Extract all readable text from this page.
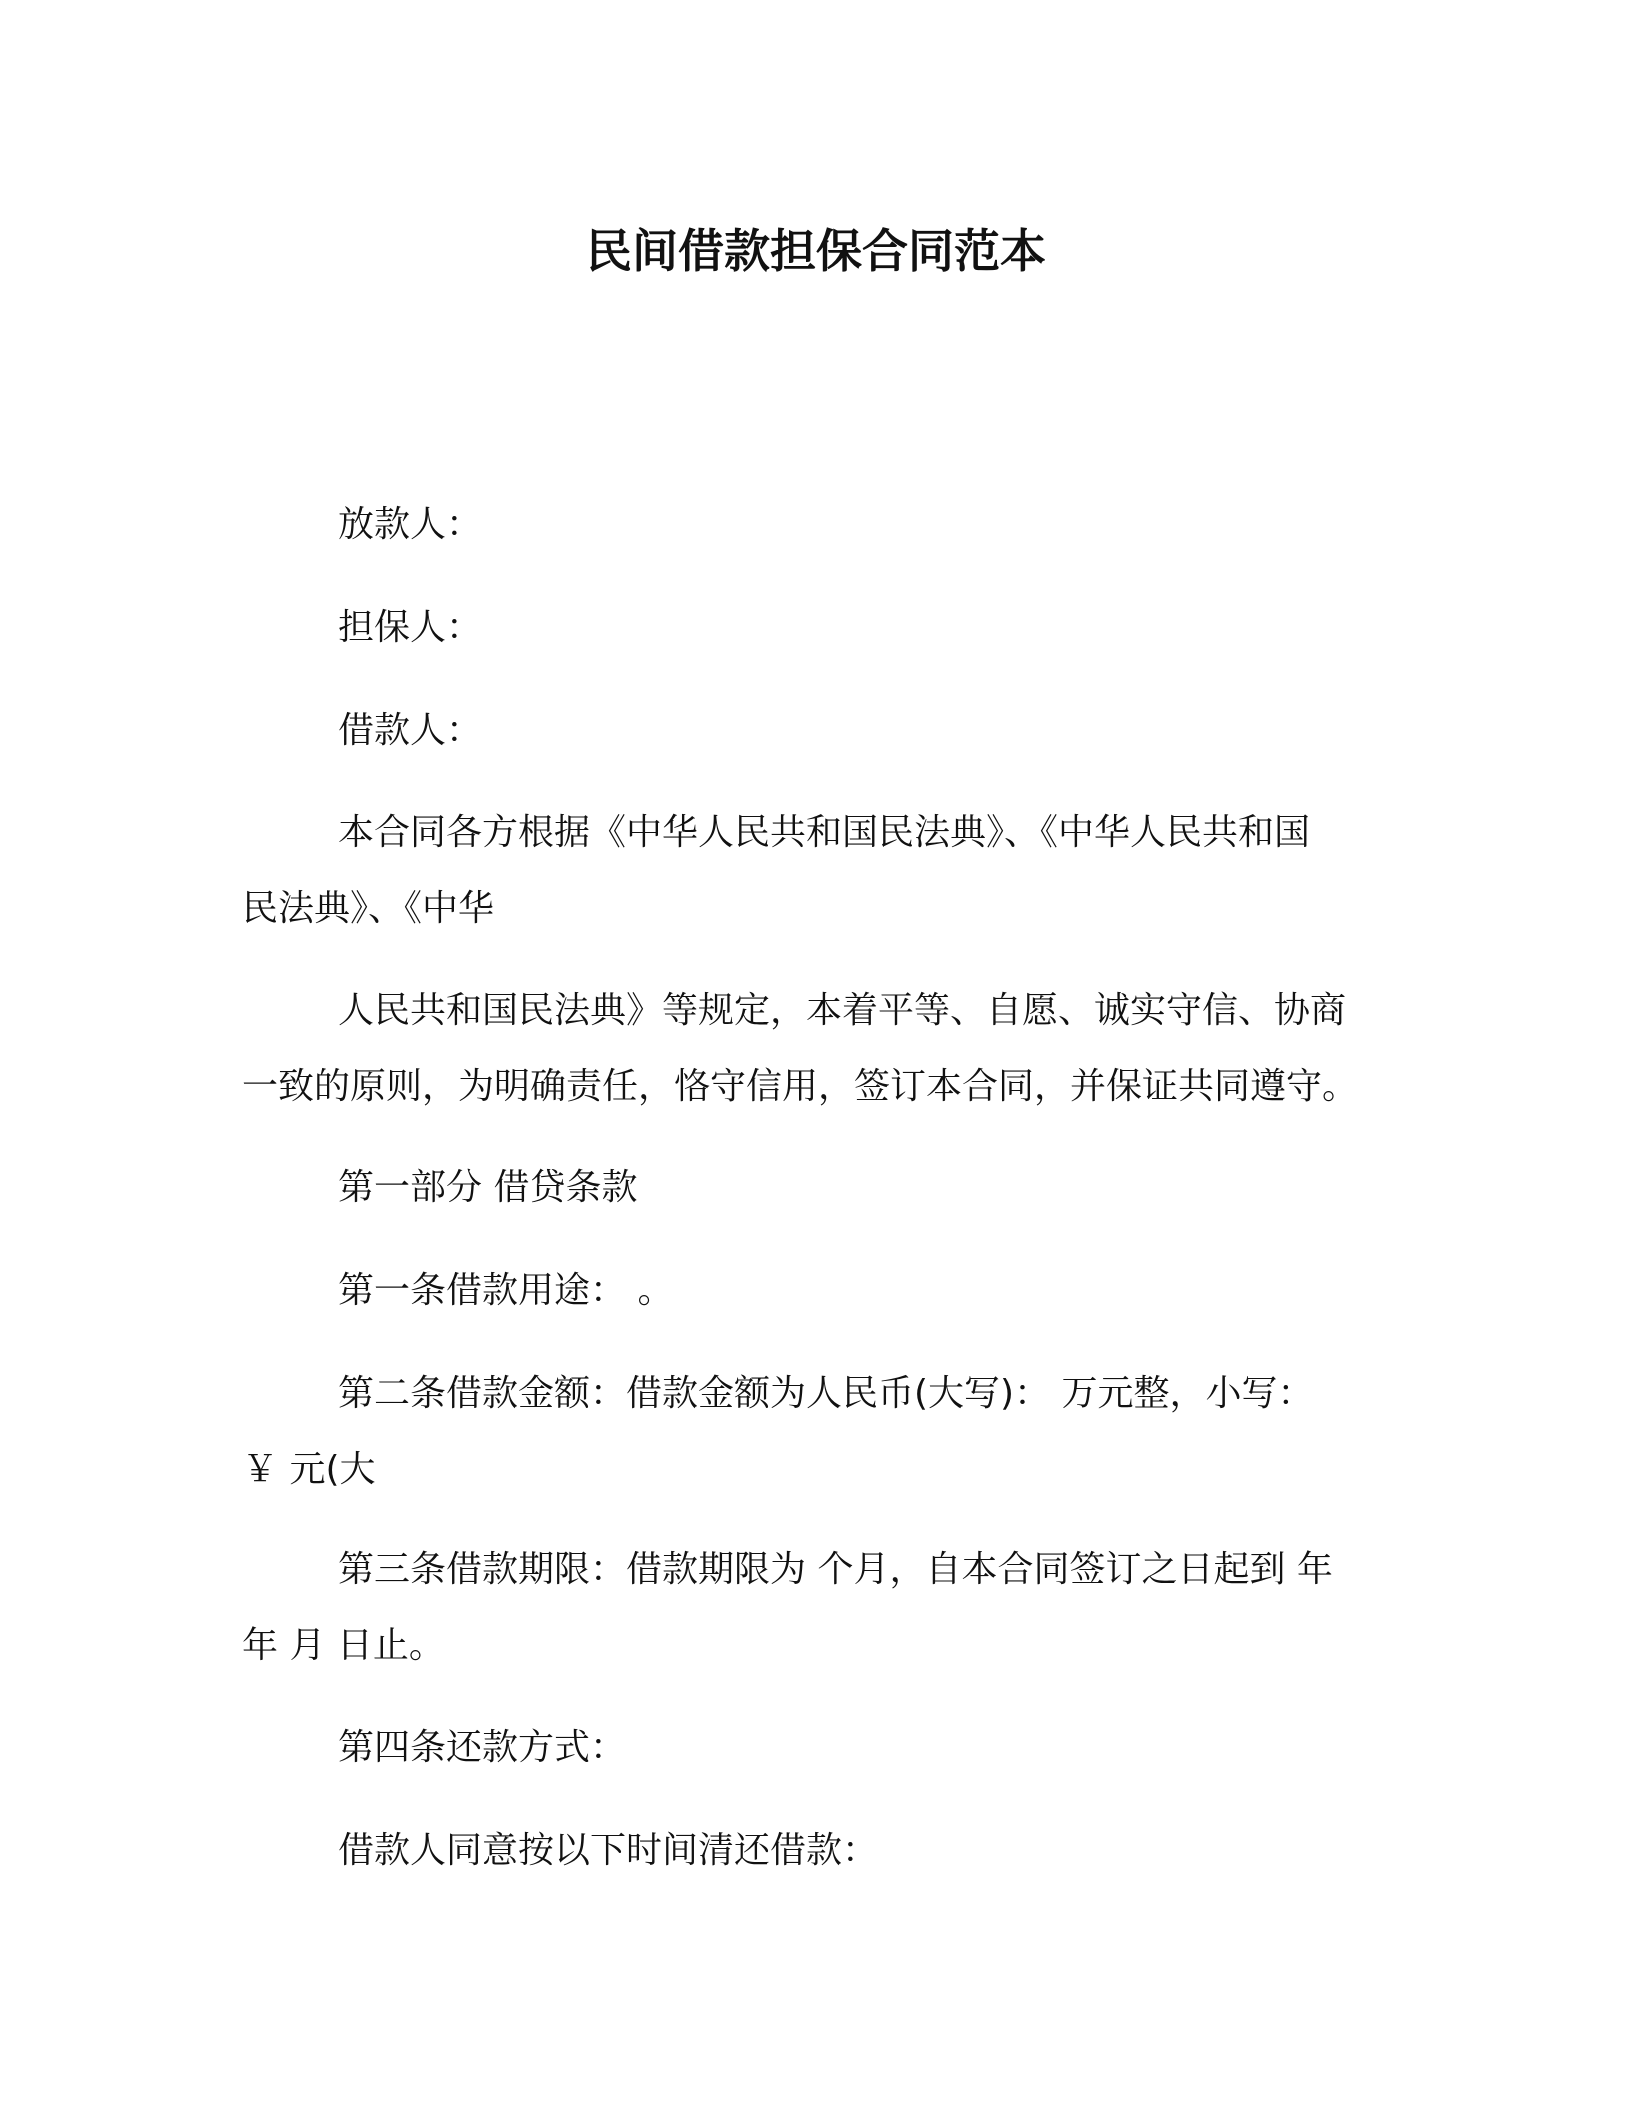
民间借款担保合同范本

放款人：

担保人：

借款人：

本合同各方根据《中华人民共和国民法典》、《中华人民共和国
民法典》、《中华

人民共和国民法典》等规定，本着平等、自愿、诚实守信、协商
一致的原则，为明确责任，恪守信用，签订本合同，并保证共同遵守。

第一部分 借贷条款

第一条借款用途： 。

第二条借款金额：借款金额为人民币(大写)： 万元整，小写：
￥ 元(大

第三条借款期限：借款期限为 个月，自本合同签订之日起到 年
年 月 日止。

第四条还款方式：

借款人同意按以下时间清还借款：
